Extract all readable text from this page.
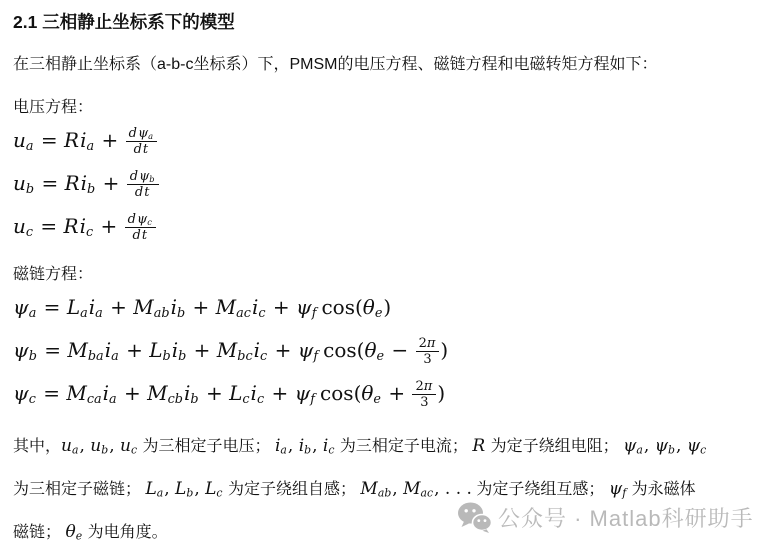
2.1 三相静止坐标系下的模型

在三相静止坐标系（a-b-c坐标系）下，PMSM的电压方程、磁链方程和电磁转矩方程如下：

电压方程：

$u_a = Ri_a + \frac{d\psi_a}{dt}$
$u_b = Ri_b + \frac{d\psi_b}{dt}$
$u_c = Ri_c + \frac{d\psi_c}{dt}$

磁链方程：

$\psi_a = L_ai_a + M_{ab}i_b + M_{ac}i_c + \psi_f$ $\cos(\theta_e)$
$\psi_b = M_{ba}i_a + L_bi_b + M_{bc}i_c + \psi_f$ $\cos(\theta_e - \frac{2\pi}{3}$ )
$\psi_c = M_{ca}i_a + M_{cb}i_b + L_ci_c + \psi_f$ $\cos(\theta_e + \frac{2\pi}{3}$ )

其中，$u_a$, $u_b$, $u_c$ 为三相定子电压； $i_a$, $i_b$, $i_c$ 为三相定子电流； R 为定子绕组电阻； $\psi_a$, $\psi_b$, $\psi_c$
为三相定子磁链； $L_a$, $L_b$, $L_c$ 为定子绕组自感； $M_{ab}$, $M_{ac}$, . . . 为定子绕组互感； $\psi_f$ 为永磁体
磁链； $\theta_e$ 为电角度。

公众号 · Matlab科研助手
